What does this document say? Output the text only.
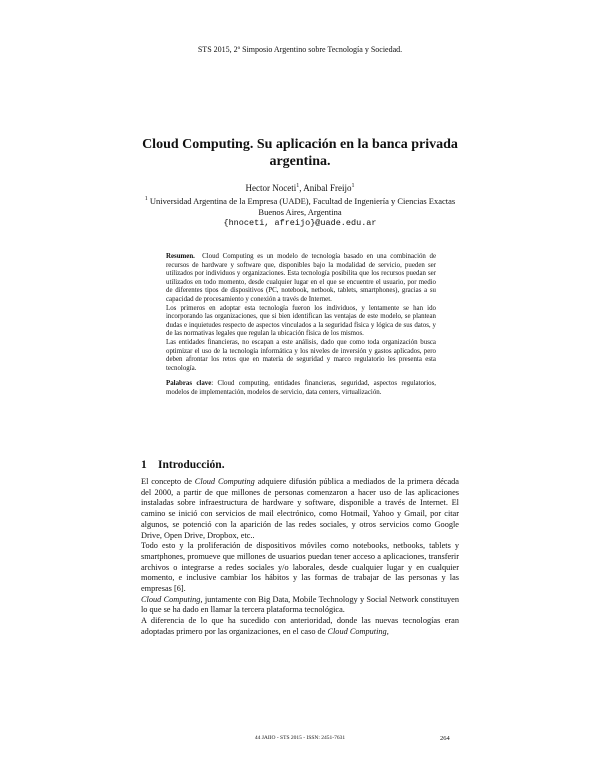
STS 2015, 2º Simposio Argentino sobre Tecnología y Sociedad.
Cloud Computing. Su aplicación en la banca privada argentina.
Hector Noceti$^1$, Anibal Freijo$^1$
$^1$ Universidad Argentina de la Empresa (UADE), Facultad de Ingeniería y Ciencias Exactas
Buenos Aires, Argentina
{hnoceti, afreijo}@uade.edu.ar

Resumen. Cloud Computing es un modelo de tecnología basado en una combinación de recursos de hardware y software que, disponibles bajo la modalidad de servicio, pueden ser utilizados por individuos y organizaciones. Esta tecnología posibilita que los recursos puedan ser utilizados en todo momento, desde cualquier lugar en el que se encuentre el usuario, por medio de diferentes tipos de dispositivos (PC, notebook, netbook, tablets, smartphones), gracias a su capacidad de procesamiento y conexión a través de Internet.

Los primeros en adoptar esta tecnología fueron los individuos, y lentamente se han ido incorporando las organizaciones, que si bien identifican las ventajas de este modelo, se plantean dudas e inquietudes respecto de aspectos vinculados a la seguridad física y lógica de sus datos, y de las normativas legales que regulan la ubicación física de los mismos.

Las entidades financieras, no escapan a este análisis, dado que como toda organización busca optimizar el uso de la tecnología informática y los niveles de inversión y gastos aplicados, pero deben afrontar los retos que en materia de seguridad y marco regulatorio les presenta esta tecnología.

Palabras clave: Cloud computing, entidades financieras, seguridad, aspectos regulatorios, modelos de implementación, modelos de servicio, data centers, virtualización.

1 Introducción.

El concepto de Cloud Computing adquiere difusión pública a mediados de la primera década del 2000, a partir de que millones de personas comenzaron a hacer uso de las aplicaciones instaladas sobre infraestructura de hardware y software, disponible a través de Internet. El camino se inició con servicios de mail electrónico, como Hotmail, Yahoo y Gmail, por citar algunos, se potenció con la aparición de las redes sociales, y otros servicios como Google Drive, Open Drive, Dropbox, etc..

Todo esto y la proliferación de dispositivos móviles como notebooks, netbooks, tablets y smartphones, promueve que millones de usuarios puedan tener acceso a aplicaciones, transferir archivos o integrarse a redes sociales y/o laborales, desde cualquier lugar y en cualquier momento, e inclusive cambiar los hábitos y las formas de trabajar de las personas y las empresas [6].

Cloud Computing, juntamente con Big Data, Mobile Technology y Social Network constituyen lo que se ha dado en llamar la tercera plataforma tecnológica.

A diferencia de lo que ha sucedido con anterioridad, donde las nuevas tecnologías eran adoptadas primero por las organizaciones, en el caso de Cloud Computing,

44 JAIIO - STS 2015 - ISSN: 2451-7631	264
